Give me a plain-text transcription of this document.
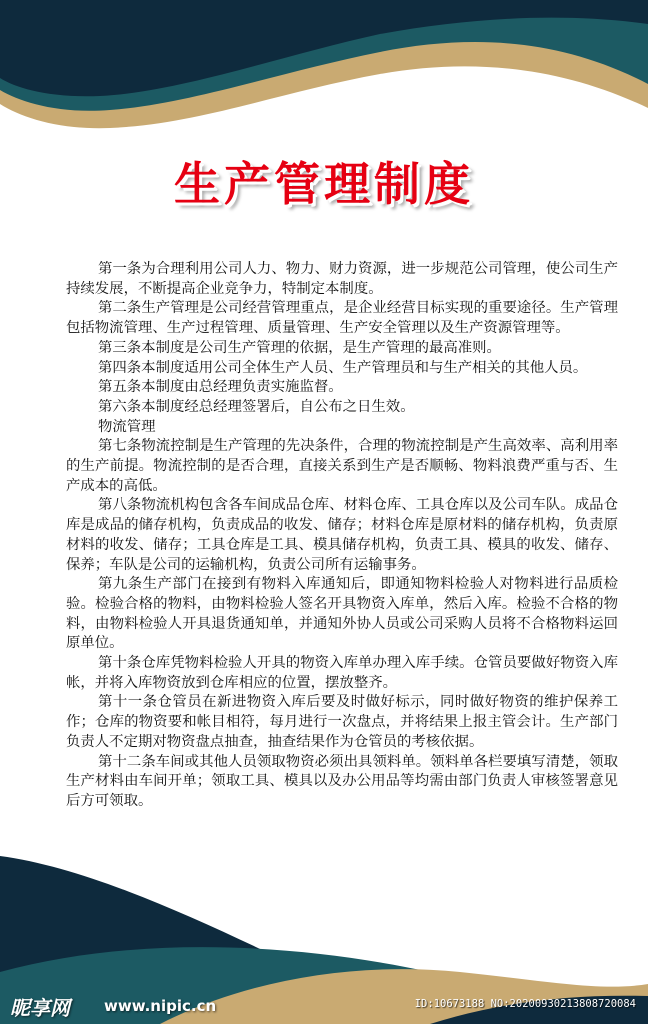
生产管理制度

第一条为合理利用公司人力、物力、财力资源，进一步规范公司管理，使公司生产持续发展，不断提高企业竞争力，特制定本制度。

第二条生产管理是公司经营管理重点，是企业经营目标实现的重要途径。生产管理包括物流管理、生产过程管理、质量管理、生产安全管理以及生产资源管理等。

第三条本制度是公司生产管理的依据，是生产管理的最高准则。

第四条本制度适用公司全体生产人员、生产管理员和与生产相关的其他人员。

第五条本制度由总经理负责实施监督。

第六条本制度经总经理签署后，自公布之日生效。

物流管理

第七条物流控制是生产管理的先决条件，合理的物流控制是产生高效率、高利用率的生产前提。物流控制的是否合理，直接关系到生产是否顺畅、物料浪费严重与否、生产成本的高低。

第八条物流机构包含各车间成品仓库、材料仓库、工具仓库以及公司车队。成品仓库是成品的储存机构，负责成品的收发、储存；材料仓库是原材料的储存机构，负责原材料的收发、储存；工具仓库是工具、模具储存机构，负责工具、模具的收发、储存、保养；车队是公司的运输机构，负责公司所有运输事务。

第九条生产部门在接到有物料入库通知后，即通知物料检验人对物料进行品质检验。检验合格的物料，由物料检验人签名开具物资入库单，然后入库。检验不合格的物料，由物料检验人开具退货通知单，并通知外协人员或公司采购人员将不合格物料运回原单位。

第十条仓库凭物料检验人开具的物资入库单办理入库手续。仓管员要做好物资入库帐，并将入库物资放到仓库相应的位置，摆放整齐。

第十一条仓管员在新进物资入库后要及时做好标示，同时做好物资的维护保养工作；仓库的物资要和帐目相符，每月进行一次盘点，并将结果上报主管会计。生产部门负责人不定期对物资盘点抽查，抽查结果作为仓管员的考核依据。

第十二条车间或其他人员领取物资必须出具领料单。领料单各栏要填写清楚，领取生产材料由车间开单；领取工具、模具以及办公用品等均需由部门负责人审核签署意见后方可领取。

昵享网 www.nipic.cn	ID:10673188 NO:20200930213808720084
